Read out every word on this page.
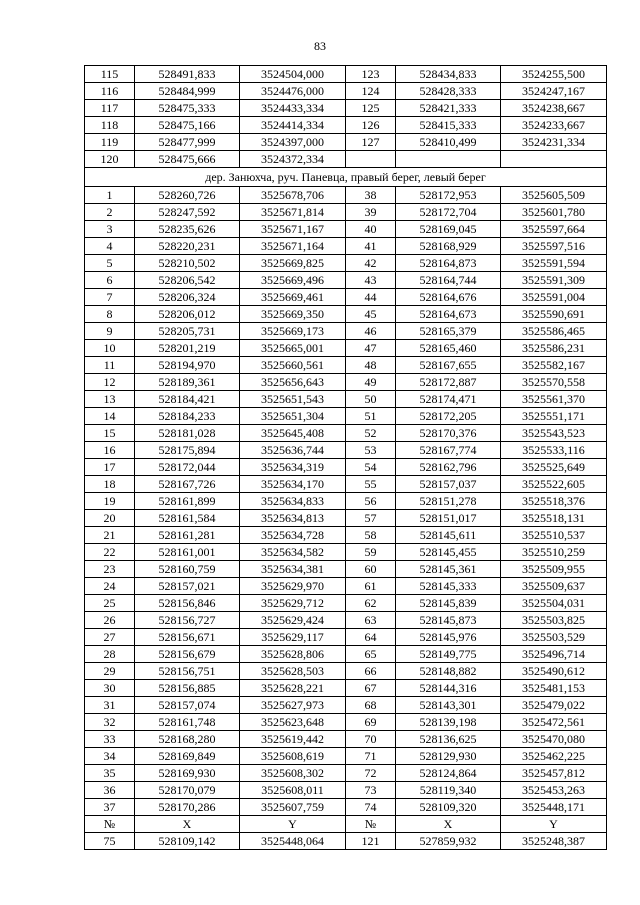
83
115	528491,833	3524504,000	123	528434,833	3524255,500
116	528484,999	3524476,000	124	528428,333	3524247,167
117	528475,333	3524433,334	125	528421,333	3524238,667
118	528475,166	3524414,334	126	528415,333	3524233,667
119	528477,999	3524397,000	127	528410,499	3524231,334
120	528475,666	3524372,334			
дер. Занюхча, руч. Паневца, правый берег, левый берег					
1	528260,726	3525678,706	38	528172,953	3525605,509
2	528247,592	3525671,814	39	528172,704	3525601,780
3	528235,626	3525671,167	40	528169,045	3525597,664
4	528220,231	3525671,164	41	528168,929	3525597,516
5	528210,502	3525669,825	42	528164,873	3525591,594
6	528206,542	3525669,496	43	528164,744	3525591,309
7	528206,324	3525669,461	44	528164,676	3525591,004
8	528206,012	3525669,350	45	528164,673	3525590,691
9	528205,731	3525669,173	46	528165,379	3525586,465
10	528201,219	3525665,001	47	528165,460	3525586,231
11	528194,970	3525660,561	48	528167,655	3525582,167
12	528189,361	3525656,643	49	528172,887	3525570,558
13	528184,421	3525651,543	50	528174,471	3525561,370
14	528184,233	3525651,304	51	528172,205	3525551,171
15	528181,028	3525645,408	52	528170,376	3525543,523
16	528175,894	3525636,744	53	528167,774	3525533,116
17	528172,044	3525634,319	54	528162,796	3525525,649
18	528167,726	3525634,170	55	528157,037	3525522,605
19	528161,899	3525634,833	56	528151,278	3525518,376
20	528161,584	3525634,813	57	528151,017	3525518,131
21	528161,281	3525634,728	58	528145,611	3525510,537
22	528161,001	3525634,582	59	528145,455	3525510,259
23	528160,759	3525634,381	60	528145,361	3525509,955
24	528157,021	3525629,970	61	528145,333	3525509,637
25	528156,846	3525629,712	62	528145,839	3525504,031
26	528156,727	3525629,424	63	528145,873	3525503,825
27	528156,671	3525629,117	64	528145,976	3525503,529
28	528156,679	3525628,806	65	528149,775	3525496,714
29	528156,751	3525628,503	66	528148,882	3525490,612
30	528156,885	3525628,221	67	528144,316	3525481,153
31	528157,074	3525627,973	68	528143,301	3525479,022
32	528161,748	3525623,648	69	528139,198	3525472,561
33	528168,280	3525619,442	70	528136,625	3525470,080
34	528169,849	3525608,619	71	528129,930	3525462,225
35	528169,930	3525608,302	72	528124,864	3525457,812
36	528170,079	3525608,011	73	528119,340	3525453,263
37	528170,286	3525607,759	74	528109,320	3525448,171
№	X	Y	№	X	Y
75	528109,142	3525448,064	121	527859,932	3525248,387
